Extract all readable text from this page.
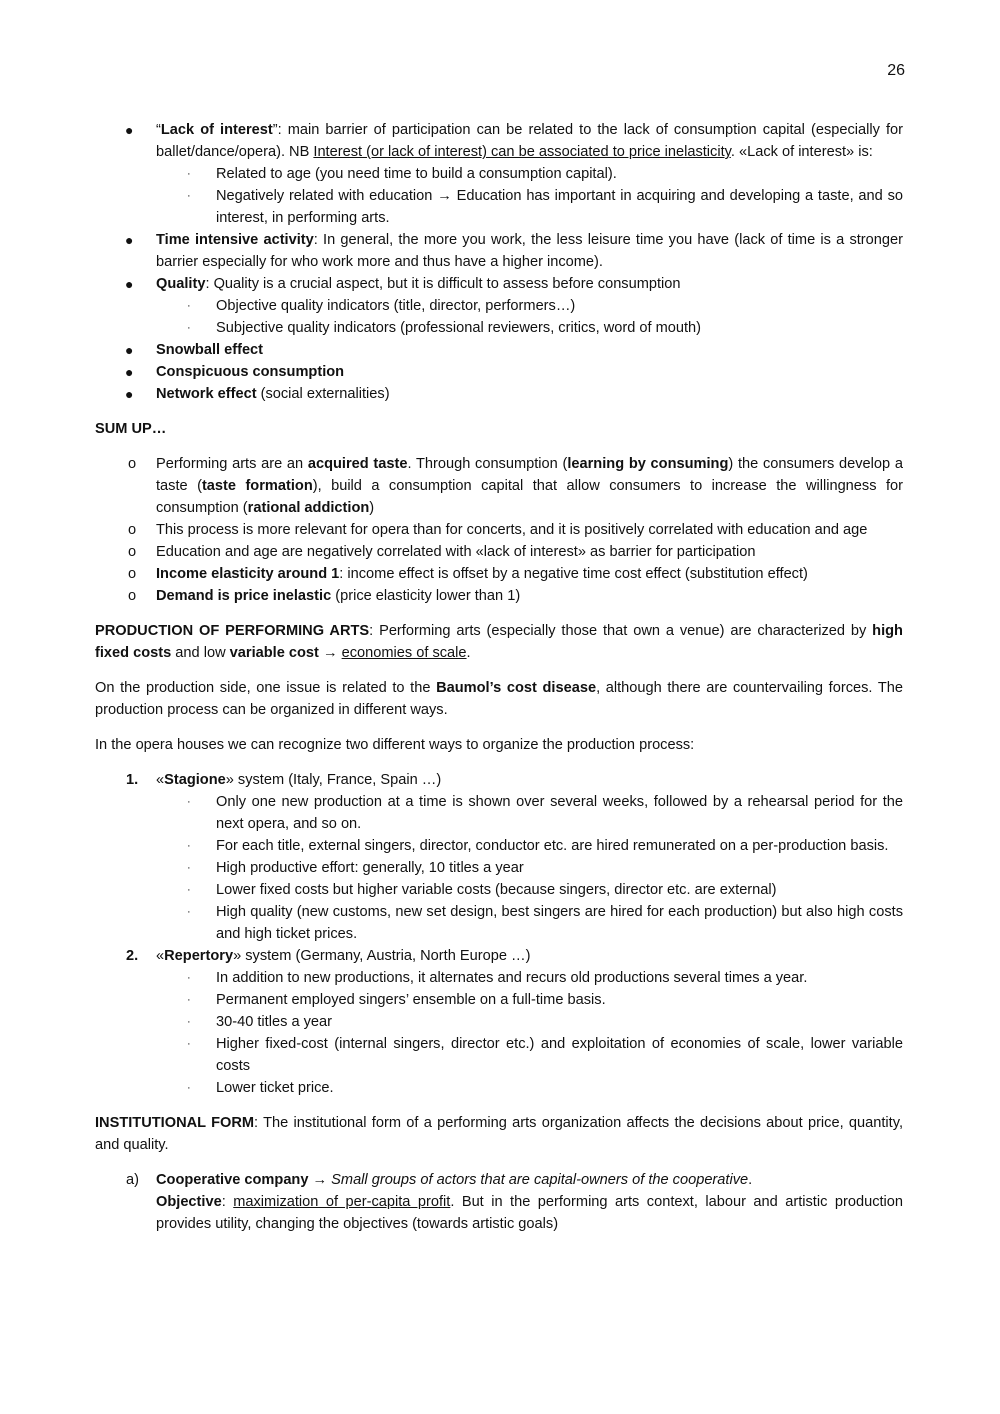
26
● “Lack of interest”: main barrier of participation can be related to the lack of consumption capital (especially for ballet/dance/opera). NB Interest (or lack of interest) can be associated to price inelasticity. «Lack of interest» is:
· Related to age (you need time to build a consumption capital).
· Negatively related with education → Education has important in acquiring and developing a taste, and so interest, in performing arts.
● Time intensive activity: In general, the more you work, the less leisure time you have (lack of time is a stronger barrier especially for who work more and thus have a higher income).
● Quality: Quality is a crucial aspect, but it is difficult to assess before consumption
· Objective quality indicators (title, director, performers…)
· Subjective quality indicators (professional reviewers, critics, word of mouth)
● Snowball effect
● Conspicuous consumption
● Network effect (social externalities)

SUM UP…

o Performing arts are an acquired taste. Through consumption (learning by consuming) the consumers develop a taste (taste formation), build a consumption capital that allow consumers to increase the willingness for consumption (rational addiction)
o This process is more relevant for opera than for concerts, and it is positively correlated with education and age
o Education and age are negatively correlated with «lack of interest» as barrier for participation
o Income elasticity around 1: income effect is offset by a negative time cost effect (substitution effect)
o Demand is price inelastic (price elasticity lower than 1)

PRODUCTION OF PERFORMING ARTS: Performing arts (especially those that own a venue) are characterized by high fixed costs and low variable cost → economies of scale.

On the production side, one issue is related to the Baumol’s cost disease, although there are countervailing forces. The production process can be organized in different ways.

In the opera houses we can recognize two different ways to organize the production process:

1. «Stagione» system (Italy, France, Spain …)
· Only one new production at a time is shown over several weeks, followed by a rehearsal period for the next opera, and so on.
· For each title, external singers, director, conductor etc. are hired remunerated on a per-production basis.
· High productive effort: generally, 10 titles a year
· Lower fixed costs but higher variable costs (because singers, director etc. are external)
· High quality (new customs, new set design, best singers are hired for each production) but also high costs and high ticket prices.
2. «Repertory» system (Germany, Austria, North Europe …)
· In addition to new productions, it alternates and recurs old productions several times a year.
· Permanent employed singers’ ensemble on a full-time basis.
· 30-40 titles a year
· Higher fixed-cost (internal singers, director etc.) and exploitation of economies of scale, lower variable costs
· Lower ticket price.

INSTITUTIONAL FORM: The institutional form of a performing arts organization affects the decisions about price, quantity, and quality.

a) Cooperative company → Small groups of actors that are capital-owners of the cooperative.
Objective: maximization of per-capita profit. But in the performing arts context, labour and artistic production provides utility, changing the objectives (towards artistic goals)
